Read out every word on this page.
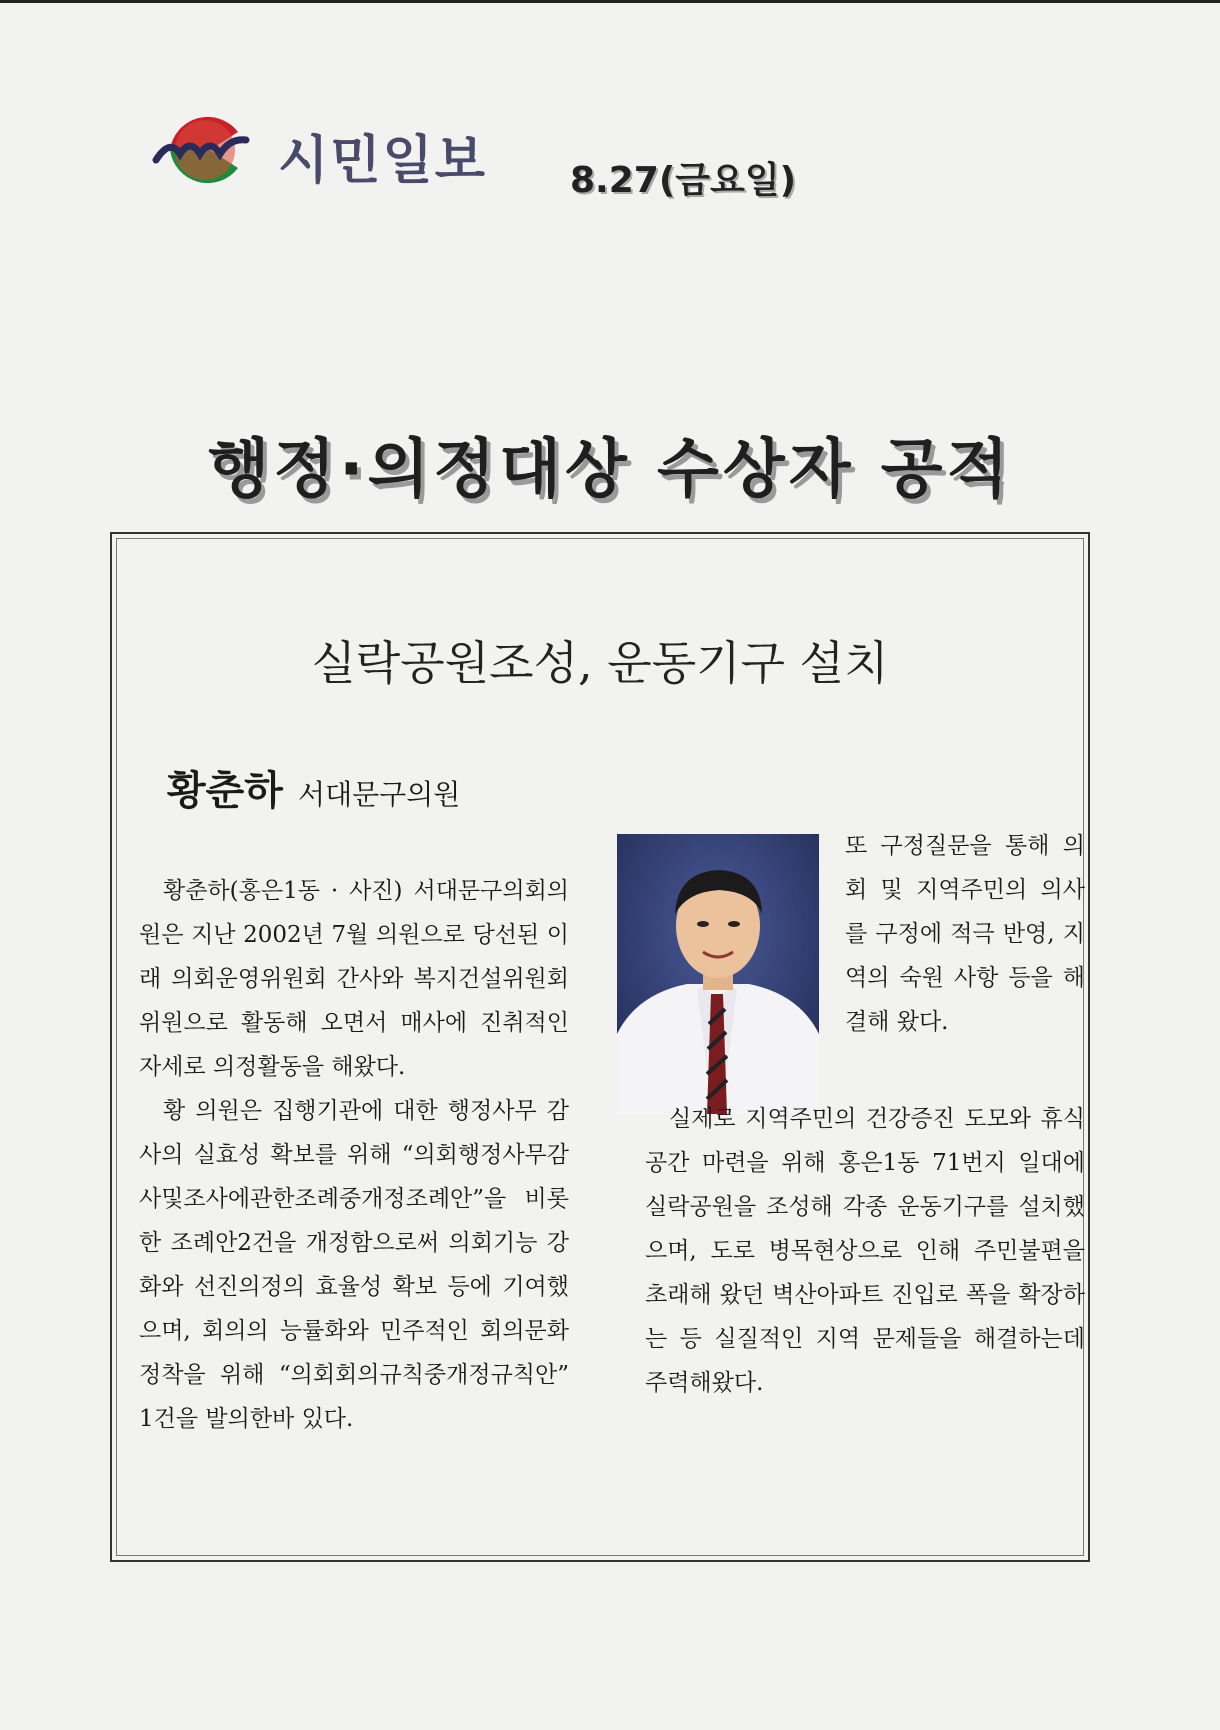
시민일보 8.27(금요일)
행정·의정대상 수상자 공적
실락공원조성, 운동기구 설치
황춘하 서대문구의원

황춘하(홍은1동 · 사진) 서대문구의회의원은 지난 2002년 7월 의원으로 당선된 이래 의회운영위원회 간사와 복지건설위원회 위원으로 활동해 오면서 매사에 진취적인 자세로 의정활동을 해왔다.

황 의원은 집행기관에 대한 행정사무 감사의 실효성 확보를 위해 “의회행정사무감사및조사에관한조례중개정조례안”을 비롯한 조례안2건을 개정함으로써 의회기능 강화와 선진의정의 효율성 확보 등에 기여했으며, 회의의 능률화와 민주적인 회의문화 정착을 위해 “의회회의규칙중개정규칙안” 1건을 발의한바 있다.

또 구정질문을 통해 의회 및 지역주민의 의사를 구정에 적극 반영, 지역의 숙원 사항 등을 해결해 왔다.

실제로 지역주민의 건강증진 도모와 휴식공간 마련을 위해 홍은1동 71번지 일대에 실락공원을 조성해 각종 운동기구를 설치했으며, 도로 병목현상으로 인해 주민불편을 초래해 왔던 벽산아파트 진입로 폭을 확장하는 등 실질적인 지역 문제들을 해결하는데 주력해왔다.
